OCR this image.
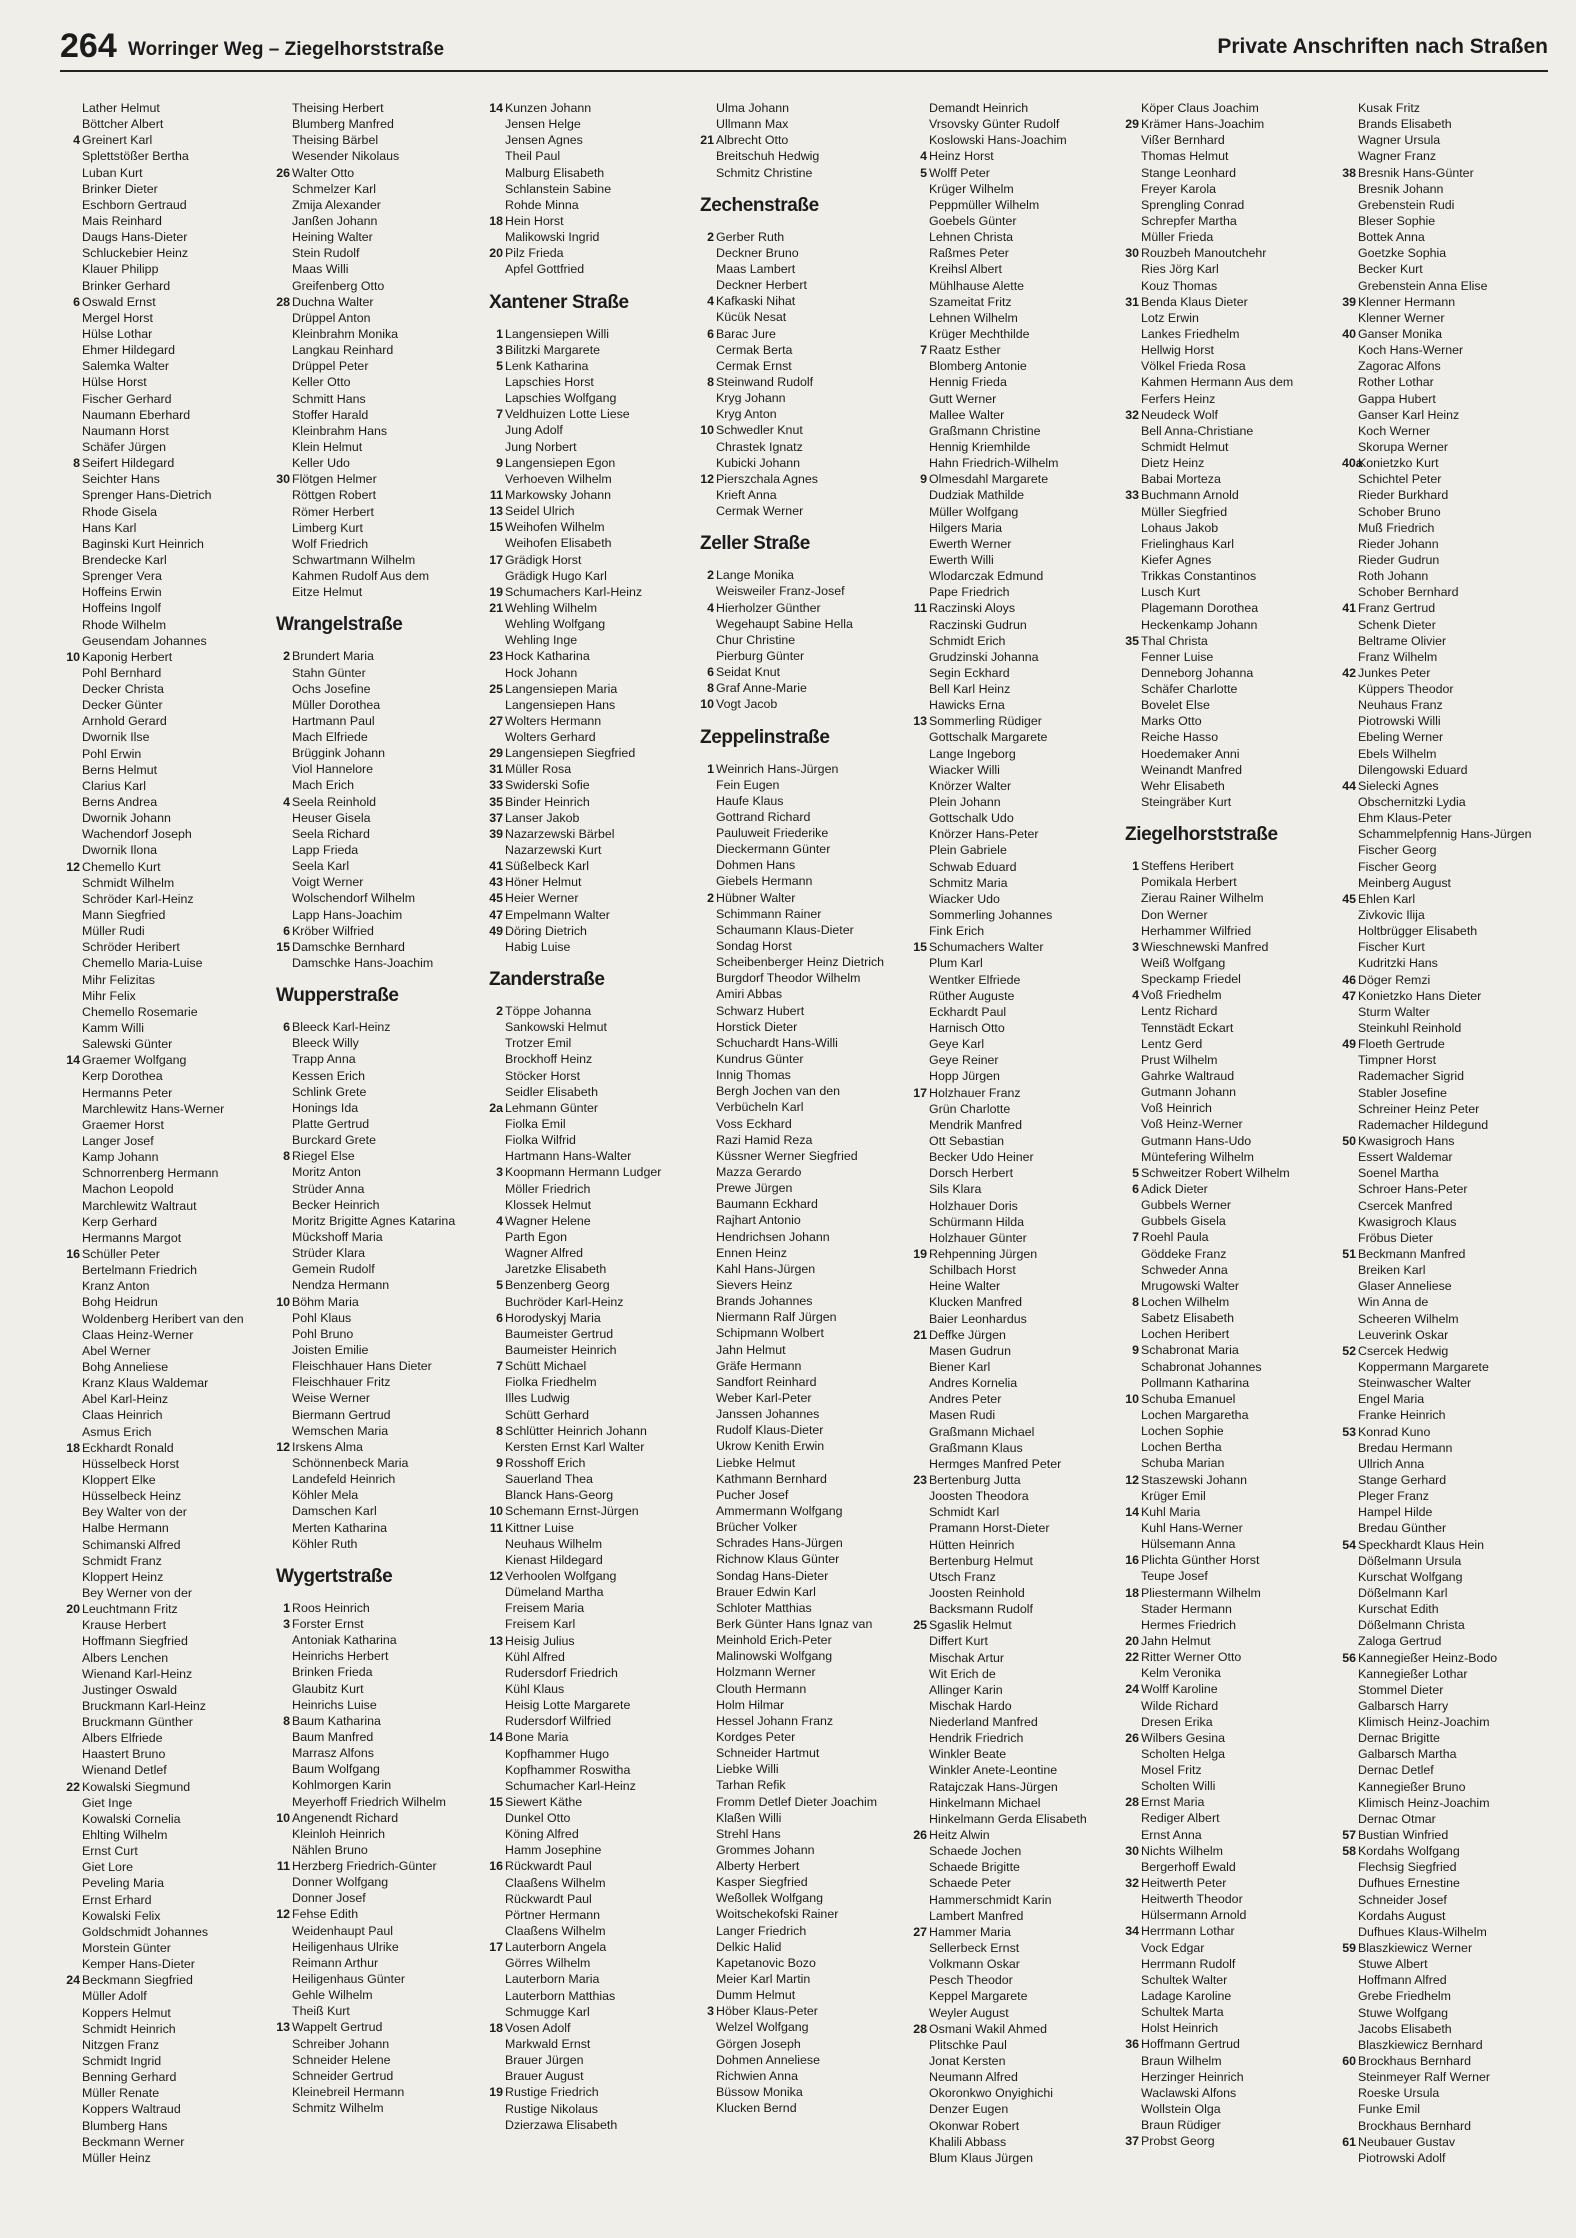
264 Worringer Weg – Ziegelhorststraße	Private Anschriften nach Straßen
Lather Helmut
Böttcher Albert
4 Greinert Karl
Splettstößer Bertha
Luban Kurt
Brinker Dieter
Eschborn Gertraud
Mais Reinhard
Daugs Hans-Dieter
Schluckebier Heinz
Klauer Philipp
Brinker Gerhard
6 Oswald Ernst
Mergel Horst
Hülse Lothar
Ehmer Hildegard
Salemka Walter
Hülse Horst
Fischer Gerhard
Naumann Eberhard
Naumann Horst
Schäfer Jürgen
8 Seifert Hildegard
Seichter Hans
Sprenger Hans-Dietrich
Rhode Gisela
Hans Karl
Baginski Kurt Heinrich
Brendecke Karl
Sprenger Vera
Hoffeins Erwin
Hoffeins Ingolf
Rhode Wilhelm
Geusendam Johannes
10 Kaponig Herbert
Pohl Bernhard
Decker Christa
Decker Günter
Arnhold Gerard
Dwornik Ilse
Pohl Erwin
Berns Helmut
Clarius Karl
Berns Andrea
Dwornik Johann
Wachendorf Joseph
Dwornik Ilona
12 Chemello Kurt
Schmidt Wilhelm
Schröder Karl-Heinz
Mann Siegfried
Müller Rudi
Schröder Heribert
Chemello Maria-Luise
Mihr Felizitas
Mihr Felix
Chemello Rosemarie
Kamm Willi
Salewski Günter
14 Graemer Wolfgang
Kerp Dorothea
Hermanns Peter
Marchlewitz Hans-Werner
Graemer Horst
Langer Josef
Kamp Johann
Schnorrenberg Hermann
Machon Leopold
Marchlewitz Waltraut
Kerp Gerhard
Hermanns Margot
16 Schüller Peter
Bertelmann Friedrich
Kranz Anton
Bohg Heidrun
Woldenberg Heribert van den
Claas Heinz-Werner
Abel Werner
Bohg Anneliese
Kranz Klaus Waldemar
Abel Karl-Heinz
Claas Heinrich
Asmus Erich
18 Eckhardt Ronald
Hüsselbeck Horst
Kloppert Elke
Hüsselbeck Heinz
Bey Walter von der
Halbe Hermann
Schimanski Alfred
Schmidt Franz
Kloppert Heinz
Bey Werner von der
20 Leuchtmann Fritz
Krause Herbert
Hoffmann Siegfried
Albers Lenchen
Wienand Karl-Heinz
Justinger Oswald
Bruckmann Karl-Heinz
Bruckmann Günther
Albers Elfriede
Haastert Bruno
Wienand Detlef
22 Kowalski Siegmund
Giet Inge
Kowalski Cornelia
Ehlting Wilhelm
Ernst Curt
Giet Lore
Peveling Maria
Ernst Erhard
Kowalski Felix
Goldschmidt Johannes
Morstein Günter
Kemper Hans-Dieter
24 Beckmann Siegfried
Müller Adolf
Koppers Helmut
Schmidt Heinrich
Nitzgen Franz
Schmidt Ingrid
Benning Gerhard
Müller Renate
Koppers Waltraud
Blumberg Hans
Beckmann Werner
Müller Heinz
Theising Herbert
Blumberg Manfred
Theising Bärbel
Wesender Nikolaus
26 Walter Otto
Schmelzer Karl
Zmija Alexander
Janßen Johann
Heining Walter
Stein Rudolf
Maas Willi
Greifenberg Otto
28 Duchna Walter
Drüppel Anton
Kleinbrahm Monika
Langkau Reinhard
Drüppel Peter
Keller Otto
Schmitt Hans
Stoffer Harald
Kleinbrahm Hans
Klein Helmut
Keller Udo
30 Flötgen Helmer
Röttgen Robert
Römer Herbert
Limberg Kurt
Wolf Friedrich
Schwartmann Wilhelm
Kahmen Rudolf Aus dem
Eitze Helmut
Wrangelstraße
2 Brundert Maria
Stahn Günter
Ochs Josefine
Müller Dorothea
Hartmann Paul
Mach Elfriede
Brüggink Johann
Viol Hannelore
Mach Erich
4 Seela Reinhold
Heuser Gisela
Seela Richard
Lapp Frieda
Seela Karl
Voigt Werner
Wolschendorf Wilhelm
Lapp Hans-Joachim
6 Kröber Wilfried
15 Damschke Bernhard
Damschke Hans-Joachim
Wupperstraße
6 Bleeck Karl-Heinz
Bleeck Willy
Trapp Anna
Kessen Erich
Schlink Grete
Honings Ida
Platte Gertrud
Burckard Grete
8 Riegel Else
Moritz Anton
Strüder Anna
Becker Heinrich
Moritz Brigitte Agnes Katarina
Mückshoff Maria
Strüder Klara
Gemein Rudolf
Nendza Hermann
10 Böhm Maria
Pohl Klaus
Pohl Bruno
Joisten Emilie
Fleischhauer Hans Dieter
Fleischhauer Fritz
Weise Werner
Biermann Gertrud
Wemschen Maria
12 Irskens Alma
Schönnenbeck Maria
Landefeld Heinrich
Köhler Mela
Damschen Karl
Merten Katharina
Köhler Ruth
Wygertstraße
1 Roos Heinrich
3 Forster Ernst
Antoniak Katharina
Heinrichs Herbert
Brinken Frieda
Glaubitz Kurt
Heinrichs Luise
8 Baum Katharina
Baum Manfred
Marrasz Alfons
Baum Wolfgang
Kohlmorgen Karin
Meyerhoff Friedrich Wilhelm
10 Angenendt Richard
Kleinloh Heinrich
Nählen Bruno
11 Herzberg Friedrich-Günter
Donner Wolfgang
Donner Josef
12 Fehse Edith
Weidenhaupt Paul
Heiligenhaus Ulrike
Reimann Arthur
Heiligenhaus Günter
Gehle Wilhelm
Theiß Kurt
13 Wappelt Gertrud
Schreiber Johann
Schneider Helene
Schneider Gertrud
Kleinebreil Hermann
Schmitz Wilhelm
14 Kunzen Johann
Jensen Helge
Jensen Agnes
Theil Paul
Malburg Elisabeth
Schlanstein Sabine
Rohde Minna
18 Hein Horst
Malikowski Ingrid
20 Pilz Frieda
Apfel Gottfried
Xantener Straße
1 Langensiepen Willi
3 Bilitzki Margarete
5 Lenk Katharina
Lapschies Horst
Lapschies Wolfgang
7 Veldhuizen Lotte Liese
Jung Adolf
Jung Norbert
9 Langensiepen Egon
Verhoeven Wilhelm
11 Markowsky Johann
13 Seidel Ulrich
15 Weihofen Wilhelm
Weihofen Elisabeth
17 Grädigk Horst
Grädigk Hugo Karl
19 Schumachers Karl-Heinz
21 Wehling Wilhelm
Wehling Wolfgang
Wehling Inge
23 Hock Katharina
Hock Johann
25 Langensiepen Maria
Langensiepen Hans
27 Wolters Hermann
Wolters Gerhard
29 Langensiepen Siegfried
31 Müller Rosa
33 Swiderski Sofie
35 Binder Heinrich
37 Lanser Jakob
39 Nazarzewski Bärbel
Nazarzewski Kurt
41 Süßelbeck Karl
43 Höner Helmut
45 Heier Werner
47 Empelmann Walter
49 Döring Dietrich
Habig Luise
Zanderstraße
2 Töppe Johanna
Sankowski Helmut
Trotzer Emil
Brockhoff Heinz
Stöcker Horst
Seidler Elisabeth
2a Lehmann Günter
Fiolka Emil
Fiolka Wilfrid
Hartmann Hans-Walter
3 Koopmann Hermann Ludger
Möller Friedrich
Klossek Helmut
4 Wagner Helene
Parth Egon
Wagner Alfred
Jaretzke Elisabeth
5 Benzenberg Georg
Buchröder Karl-Heinz
6 Horodyskyj Maria
Baumeister Gertrud
Baumeister Heinrich
7 Schütt Michael
Fiolka Friedhelm
Illes Ludwig
Schütt Gerhard
8 Schlütter Heinrich Johann
Kersten Ernst Karl Walter
9 Rosshoff Erich
Sauerland Thea
Blanck Hans-Georg
10 Schemann Ernst-Jürgen
11 Kittner Luise
Neuhaus Wilhelm
Kienast Hildegard
12 Verhoolen Wolfgang
Dümeland Martha
Freisem Maria
Freisem Karl
13 Heisig Julius
Kühl Alfred
Rudersdorf Friedrich
Kühl Klaus
Heisig Lotte Margarete
Rudersdorf Wilfried
14 Bone Maria
Kopfhammer Hugo
Kopfhammer Roswitha
Schumacher Karl-Heinz
15 Siewert Käthe
Dunkel Otto
Köning Alfred
Hamm Josephine
16 Rückwardt Paul
Claaßens Wilhelm
Rückwardt Paul
Pörtner Hermann
Claaßens Wilhelm
17 Lauterborn Angela
Görres Wilhelm
Lauterborn Maria
Lauterborn Matthias
Schmugge Karl
18 Vosen Adolf
Markwald Ernst
Brauer Jürgen
Brauer August
19 Rustige Friedrich
Rustige Nikolaus
Dzierzawa Elisabeth
Ulma Johann
Ullmann Max
21 Albrecht Otto
Breitschuh Hedwig
Schmitz Christine
Zechenstraße
2 Gerber Ruth
Deckner Bruno
Maas Lambert
Deckner Herbert
4 Kafkaski Nihat
Kücük Nesat
6 Barac Jure
Cermak Berta
Cermak Ernst
8 Steinwand Rudolf
Kryg Johann
Kryg Anton
10 Schwedler Knut
Chrastek Ignatz
Kubicki Johann
12 Pierszchala Agnes
Krieft Anna
Cermak Werner
Zeller Straße
2 Lange Monika
Weisweiler Franz-Josef
4 Hierholzer Günther
Wegehaupt Sabine Hella
Chur Christine
Pierburg Günter
6 Seidat Knut
8 Graf Anne-Marie
10 Vogt Jacob
Zeppelinstraße
1 Weinrich Hans-Jürgen
Fein Eugen
Haufe Klaus
Gottrand Richard
Pauluweit Friederike
Dieckermann Günter
Dohmen Hans
Giebels Hermann
2 Hübner Walter
Schimmann Rainer
Schaumann Klaus-Dieter
Sondag Horst
Scheibenberger Heinz Dietrich
Burgdorf Theodor Wilhelm
Amiri Abbas
Schwarz Hubert
Horstick Dieter
Schuchardt Hans-Willi
Kundrus Günter
Innig Thomas
Bergh Jochen van den
Verbücheln Karl
Voss Eckhard
Razi Hamid Reza
Küssner Werner Siegfried
Mazza Gerardo
Prewe Jürgen
Baumann Eckhard
Rajhart Antonio
Hendrichsen Johann
Ennen Heinz
Kahl Hans-Jürgen
Sievers Heinz
Brands Johannes
Niermann Ralf Jürgen
Schipmann Wolbert
Jahn Helmut
Gräfe Hermann
Sandfort Reinhard
Weber Karl-Peter
Janssen Johannes
Rudolf Klaus-Dieter
Ukrow Kenith Erwin
Liebke Helmut
Kathmann Bernhard
Pucher Josef
Ammermann Wolfgang
Brücher Volker
Schrades Hans-Jürgen
Richnow Klaus Günter
Sondag Hans-Dieter
Brauer Edwin Karl
Schloter Matthias
Berk Günter Hans Ignaz van
Meinhold Erich-Peter
Malinowski Wolfgang
Holzmann Werner
Clouth Hermann
Holm Hilmar
Hessel Johann Franz
Kordges Peter
Schneider Hartmut
Liebke Willi
Tarhan Refik
Fromm Detlef Dieter Joachim
Klaßen Willi
Strehl Hans
Grommes Johann
Alberty Herbert
Kasper Siegfried
Weßollek Wolfgang
Woitschekofski Rainer
Langer Friedrich
Delkic Halid
Kapetanovic Bozo
Meier Karl Martin
Dumm Helmut
3 Höber Klaus-Peter
Welzel Wolfgang
Görgen Joseph
Dohmen Anneliese
Richwien Anna
Büssow Monika
Klucken Bernd
Demandt Heinrich
Vrsovsky Günter Rudolf
Koslowski Hans-Joachim
4 Heinz Horst
5 Wolff Peter
Krüger Wilhelm
Peppmüller Wilhelm
Goebels Günter
Lehnen Christa
Raßmes Peter
Kreihsl Albert
Mühlhause Alette
Szameitat Fritz
Lehnen Wilhelm
Krüger Mechthilde
7 Raatz Esther
Blomberg Antonie
Hennig Frieda
Gutt Werner
Mallee Walter
Graßmann Christine
Hennig Kriemhilde
Hahn Friedrich-Wilhelm
9 Olmesdahl Margarete
Dudziak Mathilde
Müller Wolfgang
Hilgers Maria
Ewerth Werner
Ewerth Willi
Wlodarczak Edmund
Pape Friedrich
11 Raczinski Aloys
Raczinski Gudrun
Schmidt Erich
Grudzinski Johanna
Segin Eckhard
Bell Karl Heinz
Hawicks Erna
13 Sommerling Rüdiger
Gottschalk Margarete
Lange Ingeborg
Wiacker Willi
Knörzer Walter
Plein Johann
Gottschalk Udo
Knörzer Hans-Peter
Plein Gabriele
Schwab Eduard
Schmitz Maria
Wiacker Udo
Sommerling Johannes
Fink Erich
15 Schumachers Walter
Plum Karl
Wentker Elfriede
Rüther Auguste
Eckhardt Paul
Harnisch Otto
Geye Karl
Geye Reiner
Hopp Jürgen
17 Holzhauer Franz
Grün Charlotte
Mendrik Manfred
Ott Sebastian
Becker Udo Heiner
Dorsch Herbert
Sils Klara
Holzhauer Doris
Schürmann Hilda
Holzhauer Günter
19 Rehpenning Jürgen
Schilbach Horst
Heine Walter
Klucken Manfred
Baier Leonhardus
21 Deffke Jürgen
Masen Gudrun
Biener Karl
Andres Kornelia
Andres Peter
Masen Rudi
Graßmann Michael
Graßmann Klaus
Hermges Manfred Peter
23 Bertenburg Jutta
Joosten Theodora
Schmidt Karl
Pramann Horst-Dieter
Hütten Heinrich
Bertenburg Helmut
Utsch Franz
Joosten Reinhold
Backsmann Rudolf
25 Sgaslik Helmut
Differt Kurt
Mischak Artur
Wit Erich de
Allinger Karin
Mischak Hardo
Niederland Manfred
Hendrik Friedrich
Winkler Beate
Winkler Anete-Leontine
Ratajczak Hans-Jürgen
Hinkelmann Michael
Hinkelmann Gerda Elisabeth
26 Heitz Alwin
Schaede Jochen
Schaede Brigitte
Schaede Peter
Hammerschmidt Karin
Lambert Manfred
27 Hammer Maria
Sellerbeck Ernst
Volkmann Oskar
Pesch Theodor
Keppel Margarete
Weyler August
28 Osmani Wakil Ahmed
Plitschke Paul
Jonat Kersten
Neumann Alfred
Okoronkwo Onyighichi
Denzer Eugen
Okonwar Robert
Khalili Abbass
Blum Klaus Jürgen
Köper Claus Joachim
29 Krämer Hans-Joachim
Vißer Bernhard
Thomas Helmut
Stange Leonhard
Freyer Karola
Sprengling Conrad
Schrepfer Martha
Müller Frieda
30 Rouzbeh Manoutchehr
Ries Jörg Karl
Kouz Thomas
31 Benda Klaus Dieter
Lotz Erwin
Lankes Friedhelm
Hellwig Horst
Völkel Frieda Rosa
Kahmen Hermann Aus dem
Ferfers Heinz
32 Neudeck Wolf
Bell Anna-Christiane
Schmidt Helmut
Dietz Heinz
Babai Morteza
33 Buchmann Arnold
Müller Siegfried
Lohaus Jakob
Frielinghaus Karl
Kiefer Agnes
Trikkas Constantinos
Lusch Kurt
Plagemann Dorothea
Heckenkamp Johann
35 Thal Christa
Fenner Luise
Denneborg Johanna
Schäfer Charlotte
Bovelet Else
Marks Otto
Reiche Hasso
Hoedemaker Anni
Weinandt Manfred
Wehr Elisabeth
Steingräber Kurt
Ziegelhorststraße
1 Steffens Heribert
Pomikala Herbert
Zierau Rainer Wilhelm
Don Werner
Herhammer Wilfried
3 Wieschnewski Manfred
Weiß Wolfgang
Speckamp Friedel
4 Voß Friedhelm
Lentz Richard
Tennstädt Eckart
Lentz Gerd
Prust Wilhelm
Gahrke Waltraud
Gutmann Johann
Voß Heinrich
Voß Heinz-Werner
Gutmann Hans-Udo
Müntefering Wilhelm
5 Schweitzer Robert Wilhelm
6 Adick Dieter
Gubbels Werner
Gubbels Gisela
7 Roehl Paula
Göddeke Franz
Schweder Anna
Mrugowski Walter
8 Lochen Wilhelm
Sabetz Elisabeth
Lochen Heribert
9 Schabronat Maria
Schabronat Johannes
Pollmann Katharina
10 Schuba Emanuel
Lochen Margaretha
Lochen Sophie
Lochen Bertha
Schuba Marian
12 Staszewski Johann
Krüger Emil
14 Kuhl Maria
Kuhl Hans-Werner
Hülsemann Anna
16 Plichta Günther Horst
Teupe Josef
18 Pliestermann Wilhelm
Stader Hermann
Hermes Friedrich
20 Jahn Helmut
22 Ritter Werner Otto
Kelm Veronika
24 Wolff Karoline
Wilde Richard
Dresen Erika
26 Wilbers Gesina
Scholten Helga
Mosel Fritz
Scholten Willi
28 Ernst Maria
Rediger Albert
Ernst Anna
30 Nichts Wilhelm
Bergerhoff Ewald
32 Heitwerth Peter
Heitwerth Theodor
Hülsermann Arnold
34 Herrmann Lothar
Vock Edgar
Herrmann Rudolf
Schultek Walter
Ladage Karoline
Schultek Marta
Holst Heinrich
36 Hoffmann Gertrud
Braun Wilhelm
Herzinger Heinrich
Waclawski Alfons
Wollstein Olga
Braun Rüdiger
37 Probst Georg
Kusak Fritz
Brands Elisabeth
Wagner Ursula
Wagner Franz
38 Bresnik Hans-Günter
Bresnik Johann
Grebenstein Rudi
Bleser Sophie
Bottek Anna
Goetzke Sophia
Becker Kurt
Grebenstein Anna Elise
39 Klenner Hermann
Klenner Werner
40 Ganser Monika
Koch Hans-Werner
Zagorac Alfons
Rother Lothar
Gappa Hubert
Ganser Karl Heinz
Koch Werner
Skorupa Werner
40aKonietzko Kurt
Schichtel Peter
Rieder Burkhard
Schober Bruno
Muß Friedrich
Rieder Johann
Rieder Gudrun
Roth Johann
Schober Bernhard
41 Franz Gertrud
Schenk Dieter
Beltrame Olivier
Franz Wilhelm
42 Junkes Peter
Küppers Theodor
Neuhaus Franz
Piotrowski Willi
Ebeling Werner
Ebels Wilhelm
Dilengowski Eduard
44 Sielecki Agnes
Obschernitzki Lydia
Ehm Klaus-Peter
Schammelpfennig Hans-Jürgen
Fischer Georg
Fischer Georg
Meinberg August
45 Ehlen Karl
Zivkovic Ilija
Holtbrügger Elisabeth
Fischer Kurt
Kudritzki Hans
46 Döger Remzi
47 Konietzko Hans Dieter
Sturm Walter
Steinkuhl Reinhold
49 Floeth Gertrude
Timpner Horst
Rademacher Sigrid
Stabler Josefine
Schreiner Heinz Peter
Rademacher Hildegund
50 Kwasigroch Hans
Essert Waldemar
Soenel Martha
Schroer Hans-Peter
Csercek Manfred
Kwasigroch Klaus
Fröbus Dieter
51 Beckmann Manfred
Breiken Karl
Glaser Anneliese
Win Anna de
Scheeren Wilhelm
Leuverink Oskar
52 Csercek Hedwig
Koppermann Margarete
Steinwascher Walter
Engel Maria
Franke Heinrich
53 Konrad Kuno
Bredau Hermann
Ullrich Anna
Stange Gerhard
Pleger Franz
Hampel Hilde
Bredau Günther
54 Speckhardt Klaus Hein
Dößelmann Ursula
Kurschat Wolfgang
Dößelmann Karl
Kurschat Edith
Dößelmann Christa
Zaloga Gertrud
56 Kannegießer Heinz-Bodo
Kannegießer Lothar
Stommel Dieter
Galbarsch Harry
Klimisch Heinz-Joachim
Dernac Brigitte
Galbarsch Martha
Dernac Detlef
Kannegießer Bruno
Klimisch Heinz-Joachim
Dernac Otmar
57 Bustian Winfried
58 Kordahs Wolfgang
Flechsig Siegfried
Dufhues Ernestine
Schneider Josef
Kordahs August
Dufhues Klaus-Wilhelm
59 Blaszkiewicz Werner
Stuwe Albert
Hoffmann Alfred
Grebe Friedhelm
Stuwe Wolfgang
Jacobs Elisabeth
Blaszkiewicz Bernhard
60 Brockhaus Bernhard
Steinmeyer Ralf Werner
Roeske Ursula
Funke Emil
Brockhaus Bernhard
61 Neubauer Gustav
Piotrowski Adolf
